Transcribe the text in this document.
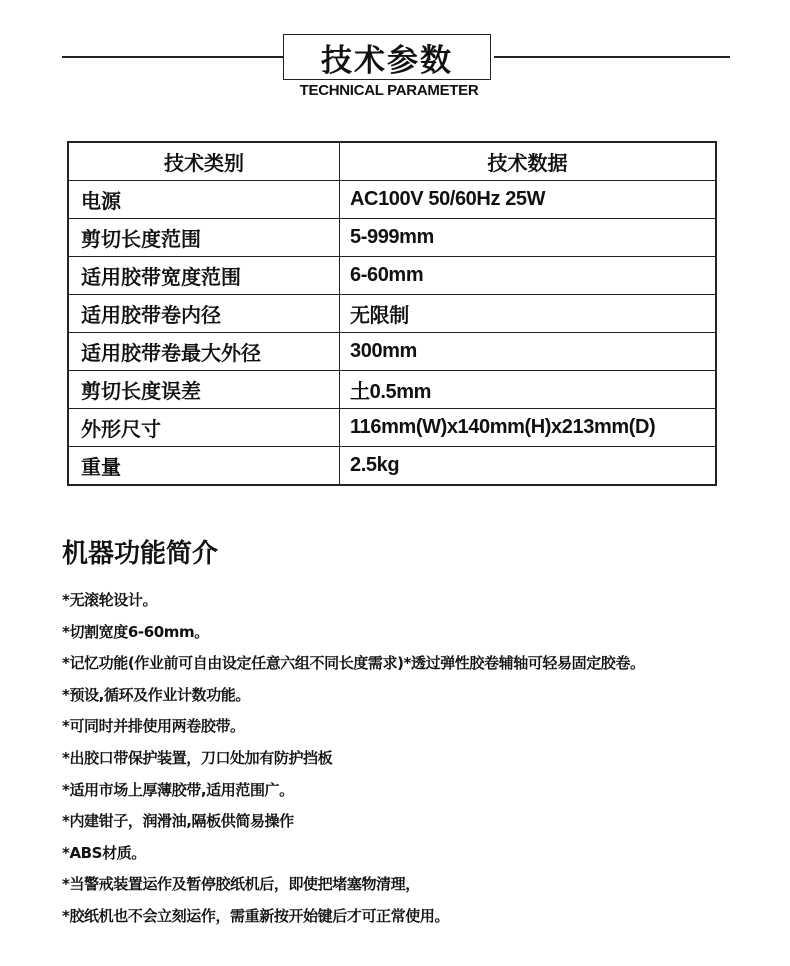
技术参数
TECHNICAL PARAMETER
技术类别	技术数据
电源	AC100V 50/60Hz 25W
剪切长度范围	5-999mm
适用胶带宽度范围	6-60mm
适用胶带卷内径	无限制
适用胶带卷最大外径	300mm
剪切长度误差	土0.5mm
外形尺寸	116mm(W)x140mm(H)x213mm(D)
重量	2.5kg
机器功能简介
*无滚轮设计。
*切割宽度6-60mm。
*记忆功能(作业前可自由设定任意六组不同长度需求)*透过弹性胶卷辅轴可轻易固定胶卷。
*预设,循环及作业计数功能。
*可同时并排使用两卷胶带。
*出胶口带保护装置，刀口处加有防护挡板
*适用市场上厚薄胶带,适用范围广。
*内建钳子，润滑油,隔板供简易操作
*ABS材质。
*当警戒装置运作及暂停胶纸机后，即使把堵塞物清理，
*胶纸机也不会立刻运作，需重新按开始键后才可正常使用。
